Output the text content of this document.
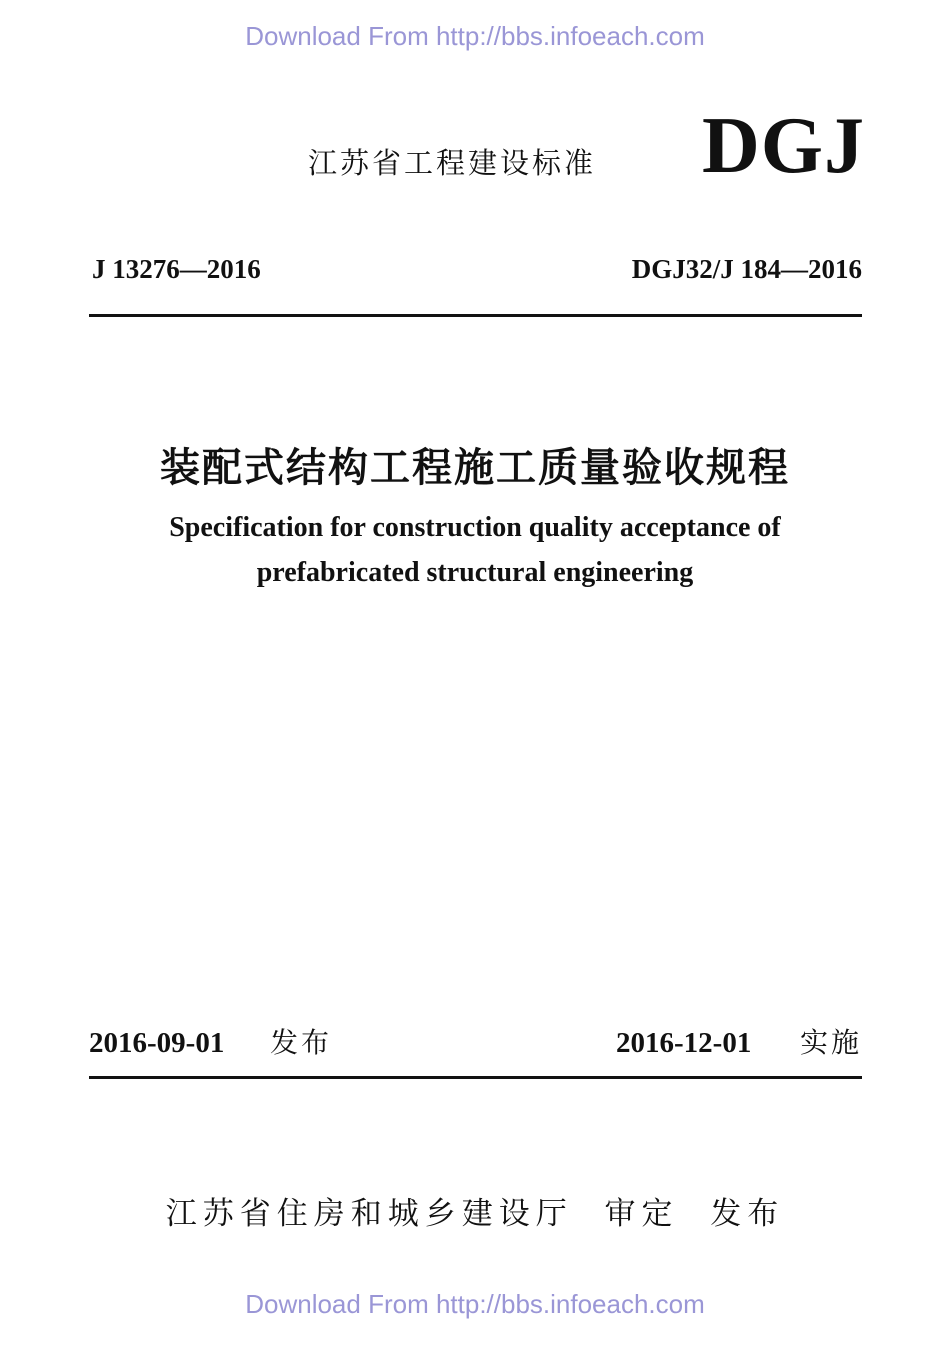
Download From http://bbs.infoeach.com
江苏省工程建设标准 DGJ
J 13276—2016	DGJ32/J 184—2016
装配式结构工程施工质量验收规程
Specification for construction quality acceptance of
prefabricated structural engineering
2016-09-01 发布	2016-12-01 实施
江苏省住房和城乡建设厅  审定  发布
Download From http://bbs.infoeach.com
